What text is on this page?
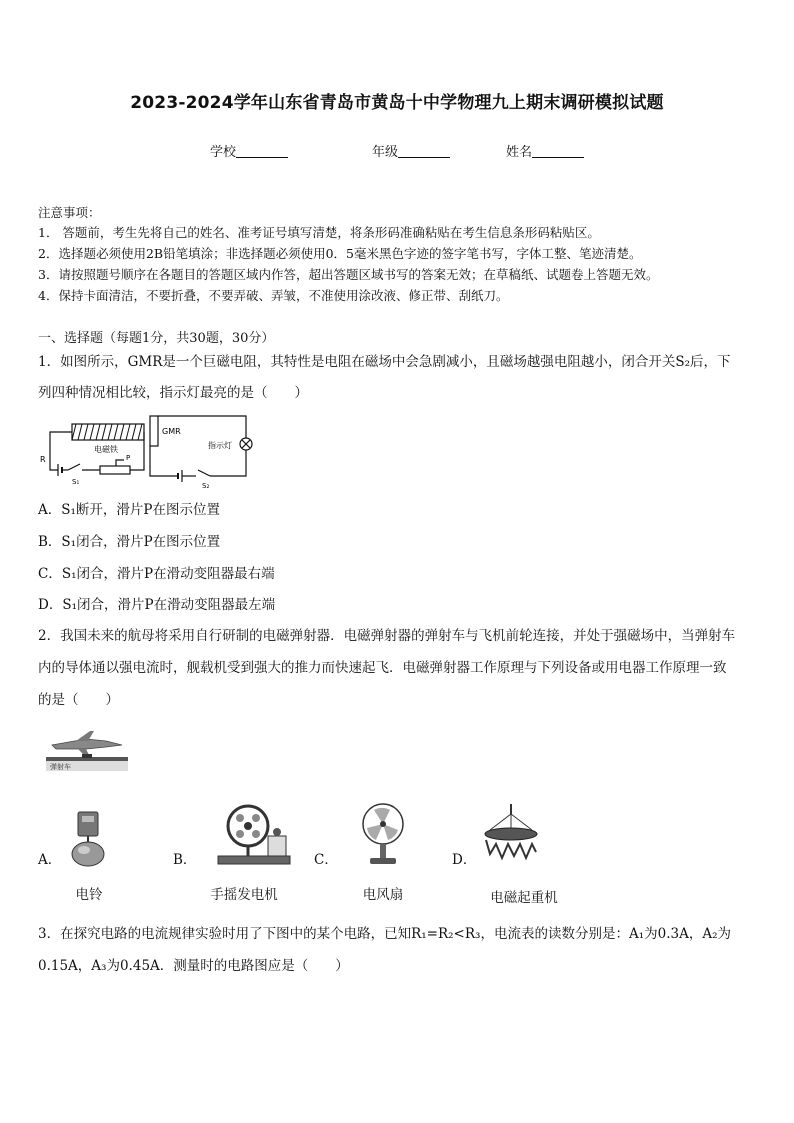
2023-2024学年山东省青岛市黄岛十中学物理九上期末调研模拟试题
学校	年级	姓名
注意事项：
1． 答题前，考生先将自己的姓名、准考证号填写清楚，将条形码准确粘贴在考生信息条形码粘贴区。
2．选择题必须使用2B铅笔填涂；非选择题必须使用0．5毫米黑色字迹的签字笔书写，字体工整、笔迹清楚。
3．请按照题号顺序在各题目的答题区域内作答，超出答题区域书写的答案无效；在草稿纸、试题卷上答题无效。
4．保持卡面清洁，不要折叠，不要弄破、弄皱，不准使用涂改液、修正带、刮纸刀。
一、选择题（每题1分，共30题，30分）
1．如图所示，GMR是一个巨磁电阻，其特性是电阻在磁场中会急剧减小，且磁场越强电阻越小，闭合开关S₂后，下
列四种情况相比较，指示灯最亮的是（　　）
电磁铁
GMR
指示灯
R	P
S₁	S₂
A．S₁断开，滑片P在图示位置
B．S₁闭合，滑片P在图示位置
C．S₁闭合，滑片P在滑动变阻器最右端
D．S₁闭合，滑片P在滑动变阻器最左端
2．我国未来的航母将采用自行研制的电磁弹射器．电磁弹射器的弹射车与飞机前轮连接，并处于强磁场中，当弹射车
内的导体通以强电流时，舰载机受到强大的推力而快速起飞．电磁弹射器工作原理与下列设备或用电器工作原理一致
的是（　　）
弹射车
A．	B．	C．	D．
电铃	手摇发电机	电风扇	电磁起重机
3．在探究电路的电流规律实验时用了下图中的某个电路，已知R₁=R₂<R₃，电流表的读数分别是：A₁为0.3A，A₂为
0.15A，A₃为0.45A．测量时的电路图应是（　　）
